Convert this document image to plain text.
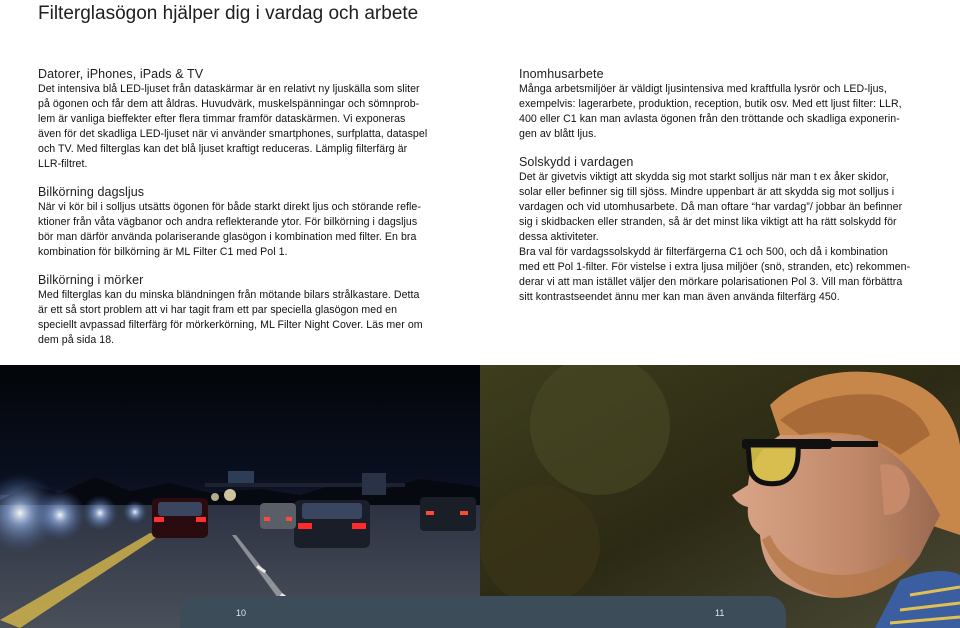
Filterglasögon hjälper dig i vardag och arbete
Datorer, iPhones, iPads & TV

Det intensiva blå LED-ljuset från dataskärmar är en relativt ny ljuskälla som sliter
på ögonen och får dem att åldras. Huvudvärk, muskelspänningar och sömnprob-
lem är vanliga bieffekter efter flera timmar framför dataskärmen. Vi exponeras
även för det skadliga LED-ljuset när vi använder smartphones, surfplatta, dataspel
och TV. Med filterglas kan det blå ljuset kraftigt reduceras. Lämplig filterfärg är
LLR-filtret.

Bilkörning dagsljus

När vi kör bil i solljus utsätts ögonen för både starkt direkt ljus och störande refle-
ktioner från våta vägbanor och andra reflekterande ytor. För bilkörning i dagsljus
bör man därför använda polariserande glasögon i kombination med filter. En bra
kombination för bilkörning är ML Filter C1 med Pol 1.

Bilkörning i mörker

Med filterglas kan du minska bländningen från mötande bilars strålkastare. Detta
är ett så stort problem att vi har tagit fram ett par speciella glasögon med en
speciellt avpassad filterfärg för mörkerkörning, ML Filter Night Cover. Läs mer om
dem på sida 18.

Inomhusarbete

Många arbetsmiljöer är väldigt ljusintensiva med kraftfulla lysrör och LED-ljus,
exempelvis: lagerarbete, produktion, reception, butik osv. Med ett ljust filter: LLR,
400 eller C1 kan man avlasta ögonen från den tröttande och skadliga exponerin-
gen av blått ljus.

Solskydd i vardagen

Det är givetvis viktigt att skydda sig mot starkt solljus när man t ex åker skidor,
solar eller befinner sig till sjöss. Mindre uppenbart är att skydda sig mot solljus i
vardagen och vid utomhusarbete. Då man oftare “har vardag”/ jobbar än befinner
sig i skidbacken eller stranden, så är det minst lika viktigt att ha rätt solskydd för
dessa aktiviteter.
Bra val för vardagssolskydd är filterfärgerna C1 och 500, och då i kombination
med ett Pol 1-filter. För vistelse i extra ljusa miljöer (snö, stranden, etc) rekommen-
derar vi att man istället väljer den mörkare polarisationen Pol 3. Vill man förbättra
sitt kontrastseendet ännu mer kan man även använda filterfärg 450.

10	11
